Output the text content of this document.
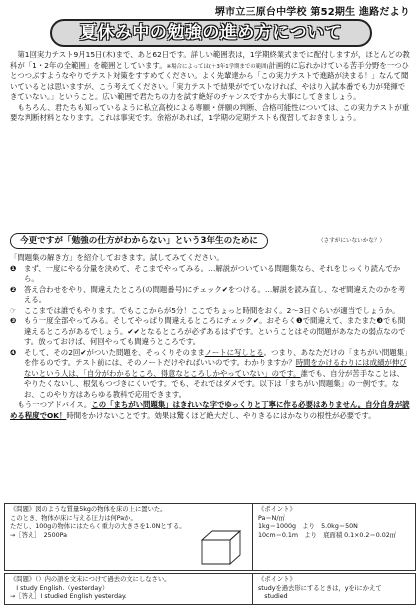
堺市立三原台中学校 第52期生 進路だより
夏休み中の勉強の進め方について

第1回実力テスト9月15日(木)まで、あと62日です。詳しい範囲表は，1学期終業式までに配付しますが，ほとんどの教科が「1・2年の全範囲」を範囲としています。※場合によっては(＋3年1学期までの範囲)計画的に忘れかけている苦手分野を一つひとつつぶすようなやりでテスト対策をすすめてください。よく先輩達から「この実力テストで進路が決まる！」なんて聞いているとは思いますが、こう考えてください。「実力テストで結果がでていなければ、やはり入試本番でも力が発揮できていない。」ということ。広い範囲で君たちの力を試す絶好のチャンスですから大事にしてきましょう。

もちろん、君たちも知っているように私立高校による専願・併願の判断、合格可能性については、この実力テストが重要な判断材料となります。これは事実です。余裕があれば，1学期の定期テストも復習しておきましょう。

今更ですが「勉強の仕方がわからない」という3年生のために	（さすがにいないかな？）

「問題集の解き方」を紹介しておきます。試してみてください。

❶	まず、一度にやる分量を決めて、そこまでやってみる。…解説がついている問題集なら、それをじっくり読んでから。
❷	答え合わせをやり、間違えたところ(の問題番号)にチェック✔をつける。…解説を読み直し、なぜ間違えたのかを考える。
☞ ここまでは誰でもやります。でもここからが5分！ここでちょっと時間をおく。2～3日ぐらいが適当でしょうか。
❸	もう一度全部やってみる。そしてやっぱり間違えるところにチェック✔。おそらく❶で間違えて、またまた❸でも間違えるところがあるでしょう。✔✔となるところが必ずあるはずです。ということはその問題があなたの弱点なのです。放っておけば、何回やっても間違うところです。
❹	そして、その2回✔がついた問題を、そっくりそのままノートに写しとる。つまり、あなただけの「まちがい問題集」を作るのです。テスト前には、そのノートだけやればいいのです。わかりますか？時間をかけるわりには成績が伸びないという人は、「自分がわかるところ、得意なところしかやっていない」のです。誰でも、自分が苦手なことは、やりたくないし、根気もつづきにくいです。でも、それではダメです。以下は「まちがい問題集」の一例です。なお、このやり方はあらゆる教科で応用できます。

もう一つアドバイス。この「まちがい問題集」はきれいな字でゆっくりと丁寧に作る必要はありません。自分自身が読める程度でOK！時間をかけないことです。効果は驚くほど絶大だし、やりきるにはかなりの根性が必要です。

《問題》図のような質量5kgの物体を床の上に置いた。
このとき、物体が床に与える圧力は何Paか。
ただし、100gの物体にはたらく重力の大きさを1.0Nとする。
→［答え］　2500Pa
《ポイント》
Pa＝N/㎡
1kg＝1000g　より　5.0kg＝50N
10cm＝0.1m　より　底面積 0.1×0.2＝0.02㎡
《問題》（）内の語を文末につけて過去の文にしなさい。
　I study English.（yesterday）
→［答え］I studied English yesterday.
《ポイント》
studyを過去形にするときは，yをiにかえて
　studied
